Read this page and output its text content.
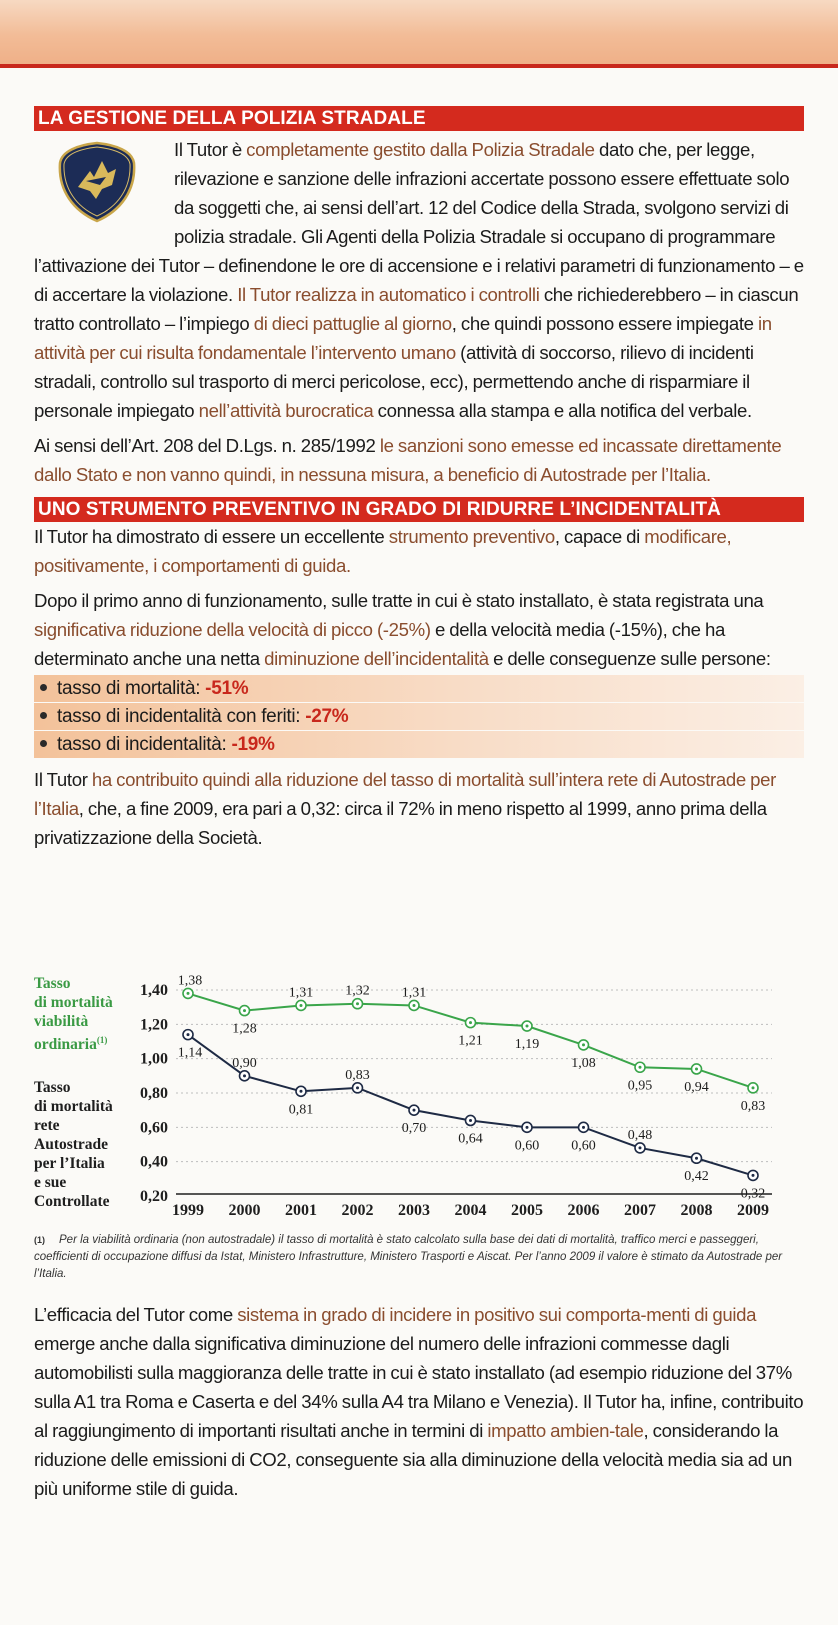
LA GESTIONE DELLA POLIZIA STRADALE

Il Tutor è completamente gestito dalla Polizia Stradale dato che, per legge, rilevazione e sanzione delle infrazioni accertate possono essere effettuate solo da soggetti che, ai sensi dell’art. 12 del Codice della Strada, svolgono servizi di polizia stradale. Gli Agenti della Polizia Stradale si occupano di programmare l’attivazione dei Tutor – definendone le ore di accensione e i relativi parametri di funzionamento – e di accertare la violazione. Il Tutor realizza in automatico i controlli che richiederebbero – in ciascun tratto controllato – l’impiego di dieci pattuglie al giorno, che quindi possono essere impiegate in attività per cui risulta fondamentale l’intervento umano (attività di soccorso, rilievo di incidenti stradali, controllo sul trasporto di merci pericolose, ecc), permettendo anche di risparmiare il personale impiegato nell’attività burocratica connessa alla stampa e alla notifica del verbale.

Ai sensi dell’Art. 208 del D.Lgs. n. 285/1992 le sanzioni sono emesse ed incassate direttamente dallo Stato e non vanno quindi, in nessuna misura, a beneficio di Autostrade per l’Italia.

UNO STRUMENTO PREVENTIVO IN GRADO DI RIDURRE L’INCIDENTALITÀ

Il Tutor ha dimostrato di essere un eccellente strumento preventivo, capace di modificare, positivamente, i comportamenti di guida.

Dopo il primo anno di funzionamento, sulle tratte in cui è stato installato, è stata registrata una significativa riduzione della velocità di picco (-25%) e della velocità media (-15%), che ha determinato anche una netta diminuzione dell’incidentalità e delle conseguenze sulle persone:

tasso di mortalità: -51%
tasso di incidentalità con feriti: -27%
tasso di incidentalità: -19%

Il Tutor ha contribuito quindi alla riduzione del tasso di mortalità sull’intera rete di Autostrade per l’Italia, che, a fine 2009, era pari a 0,32: circa il 72% in meno rispetto al 1999, anno prima della privatizzazione della Società.

Tasso
di mortalità
viabilità
ordinaria$^{(1)}$
Tasso
di mortalità
rete
Autostrade
per l’Italia
e sue
Controllate
1,40
1,20
1,00
0,80
0,60
0,40
0,20
1999 2000 2001 2002 2003 2004 2005 2006 2007 2008 2009
1,38
1,28
1,31 1,32 1,31
1,21 1,19
1,08
0,95 0,94
0,83
1,14
0,90
0,81
0,83
0,70
0,64 0,60 0,60
0,48
0,42
0,32
$^{(1)}$ Per la viabilità ordinaria (non autostradale) il tasso di mortalità è stato calcolato sulla base dei dati di mortalità, traffico merci e passeggeri, coefficienti di occupazione diffusi da Istat, Ministero Infrastrutture, Ministero Trasporti e Aiscat. Per l’anno 2009 il valore è stimato da Autostrade per l’Italia.

L’efficacia del Tutor come sistema in grado di incidere in positivo sui comporta-menti di guida emerge anche dalla significativa diminuzione del numero delle infrazioni commesse dagli automobilisti sulla maggioranza delle tratte in cui è stato installato (ad esempio riduzione del 37% sulla A1 tra Roma e Caserta e del 34% sulla A4 tra Milano e Venezia). Il Tutor ha, infine, contribuito al raggiungimento di importanti risultati anche in termini di impatto ambien-tale, considerando la riduzione delle emissioni di CO2, conseguente sia alla diminuzione della velocità media sia ad un più uniforme stile di guida.
